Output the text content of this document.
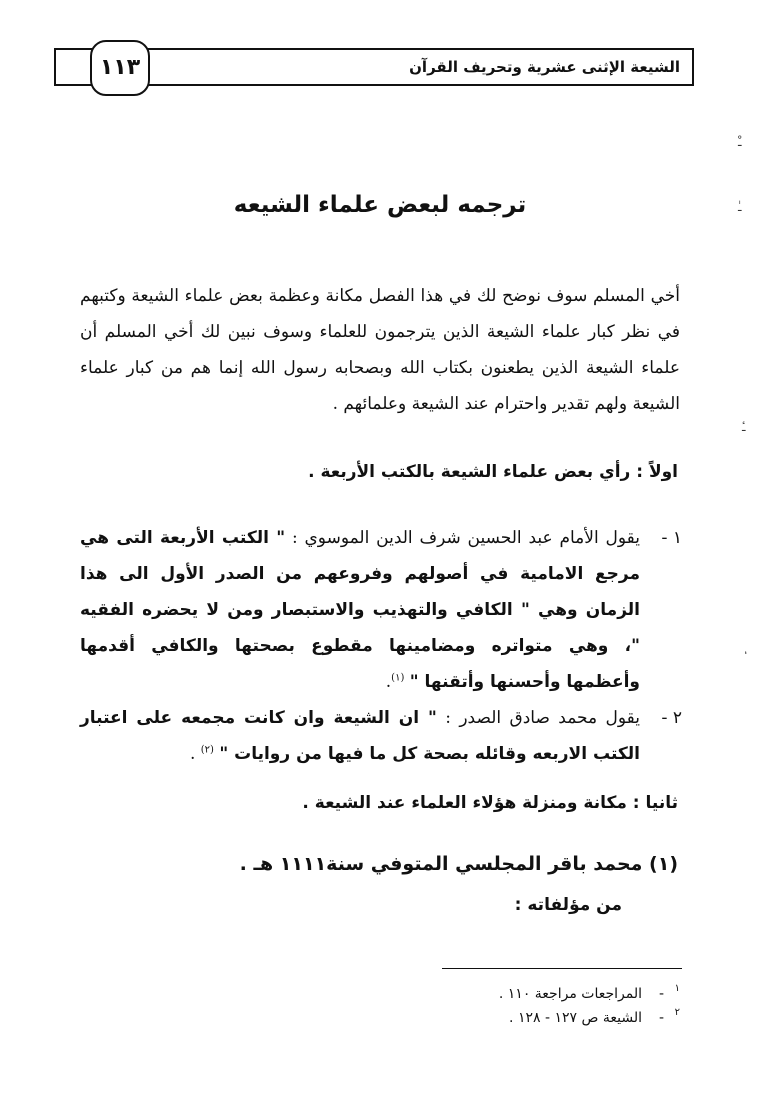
الشيعة الإثنى عشرية وتحريف القرآن
١١٣
ترجمه لبعض علماء الشيعه

أخي المسلم سوف نوضح لك في هذا الفصل مكانة وعظمة بعض علماء الشيعة وكتبهم في نظر كبار علماء الشيعة الذين يترجمون للعلماء وسوف نبين لك أخي المسلم أن علماء الشيعة الذين يطعنون بكتاب الله وبصحابه رسول الله إنما هم من كبار علماء الشيعة ولهم تقدير واحترام عند الشيعة وعلمائهم .

اولاً : رأي بعض علماء الشيعة بالكتب الأربعة .
١ -
يقول الأمام عبد الحسين شرف الدين الموسوي : " الكتب الأربعة التى هي مرجع الامامية في أصولهم وفروعهم من الصدر الأول الى هذا الزمان وهي " الكافي والتهذيب والاستبصار ومن لا يحضره الفقيه "، وهي متواتره ومضامينها مقطوع بصحتها والكافي أقدمها وأعظمها وأحسنها وأتقنها " $^{(١)}$.
٢ -
يقول محمد صادق الصدر : " ان الشيعة وان كانت مجمعه على اعتبار الكتب الاربعه وقائله بصحة كل ما فيها من روايات " $^{(٢)}$ .
ثانيا : مكانة ومنزلة هؤلاء العلماء عند الشيعة .
(١) محمد باقر المجلسي المتوفي سنة١١١١ هـ .
من مؤلفاته :
١-المراجعات مراجعة ١١٠ .
٢-الشيعة ص ١٢٧ - ١٢٨ .
ـْ
ـٰ
ـٔ
